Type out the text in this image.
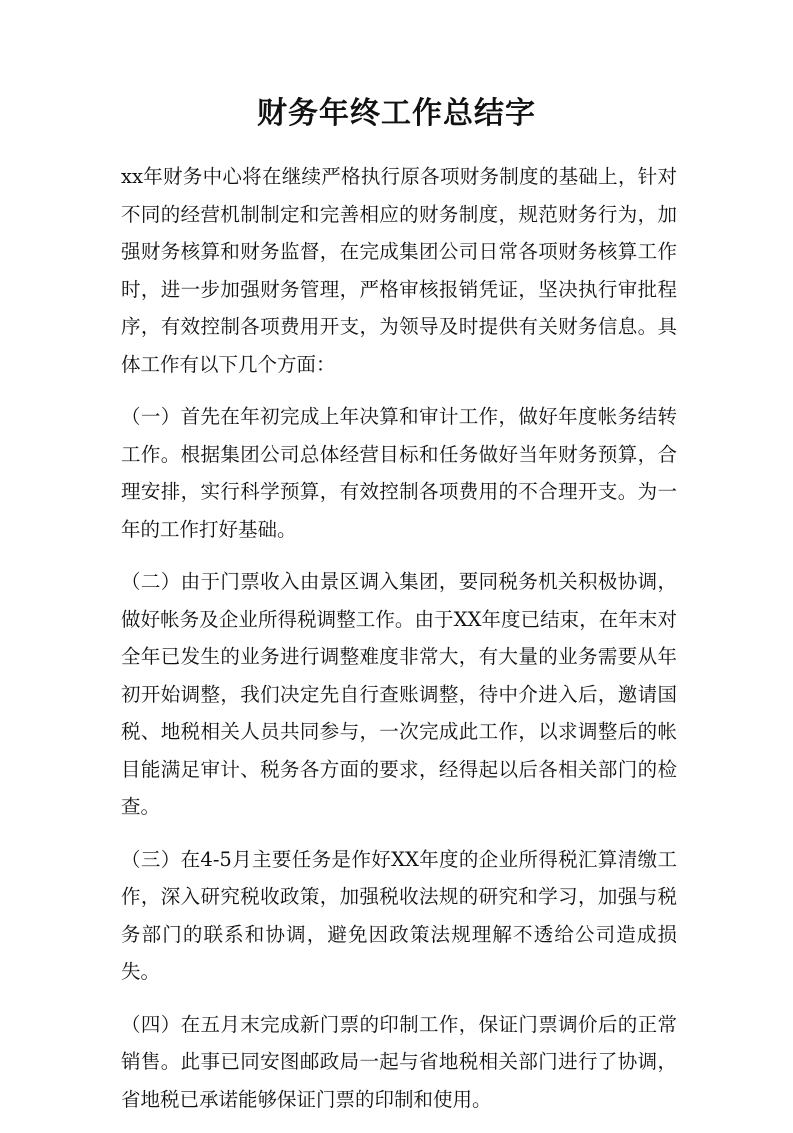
财务年终工作总结字

xx年财务中心将在继续严格执行原各项财务制度的基础上，针对不同的经营机制制定和完善相应的财务制度，规范财务行为，加强财务核算和财务监督，在完成集团公司日常各项财务核算工作时，进一步加强财务管理，严格审核报销凭证，坚决执行审批程序，有效控制各项费用开支，为领导及时提供有关财务信息。具体工作有以下几个方面：

（一）首先在年初完成上年决算和审计工作，做好年度帐务结转工作。根据集团公司总体经营目标和任务做好当年财务预算，合理安排，实行科学预算，有效控制各项费用的不合理开支。为一年的工作打好基础。

（二）由于门票收入由景区调入集团，要同税务机关积极协调，做好帐务及企业所得税调整工作。由于XX年度已结束，在年末对全年已发生的业务进行调整难度非常大，有大量的业务需要从年初开始调整，我们决定先自行查账调整，待中介进入后，邀请国税、地税相关人员共同参与，一次完成此工作，以求调整后的帐目能满足审计、税务各方面的要求，经得起以后各相关部门的检查。

（三）在4-5月主要任务是作好XX年度的企业所得税汇算清缴工作，深入研究税收政策，加强税收法规的研究和学习，加强与税务部门的联系和协调，避免因政策法规理解不透给公司造成损失。

（四）在五月末完成新门票的印制工作，保证门票调价后的正常销售。此事已同安图邮政局一起与省地税相关部门进行了协调，省地税已承诺能够保证门票的印制和使用。
